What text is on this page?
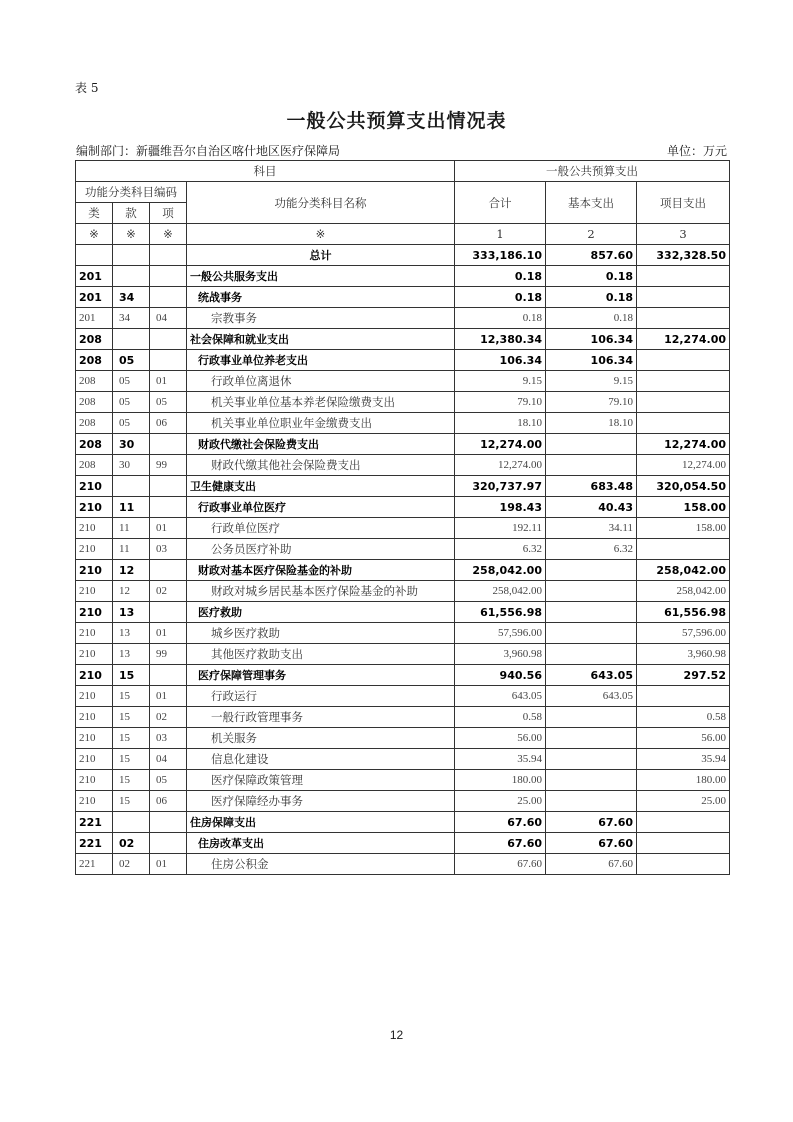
表 5
一般公共预算支出情况表
编制部门：新疆维吾尔自治区喀什地区医疗保障局	单位：万元
科目				一般公共预算支出		
功能分类科目编码			功能分类科目名称	合计	基本支出	项目支出
类	款	项				
※	※	※	※	1	2	3
			总计	333,186.10	857.60	332,328.50
201			一般公共服务支出	0.18	0.18	
201	34		统战事务	0.18	0.18	
201	34	04	宗教事务	0.18	0.18	
208			社会保障和就业支出	12,380.34	106.34	12,274.00
208	05		行政事业单位养老支出	106.34	106.34	
208	05	01	行政单位离退休	9.15	9.15	
208	05	05	机关事业单位基本养老保险缴费支出	79.10	79.10	
208	05	06	机关事业单位职业年金缴费支出	18.10	18.10	
208	30		财政代缴社会保险费支出	12,274.00		12,274.00
208	30	99	财政代缴其他社会保险费支出	12,274.00		12,274.00
210			卫生健康支出	320,737.97	683.48	320,054.50
210	11		行政事业单位医疗	198.43	40.43	158.00
210	11	01	行政单位医疗	192.11	34.11	158.00
210	11	03	公务员医疗补助	6.32	6.32	
210	12		财政对基本医疗保险基金的补助	258,042.00		258,042.00
210	12	02	财政对城乡居民基本医疗保险基金的补助	258,042.00		258,042.00
210	13		医疗救助	61,556.98		61,556.98
210	13	01	城乡医疗救助	57,596.00		57,596.00
210	13	99	其他医疗救助支出	3,960.98		3,960.98
210	15		医疗保障管理事务	940.56	643.05	297.52
210	15	01	行政运行	643.05	643.05	
210	15	02	一般行政管理事务	0.58		0.58
210	15	03	机关服务	56.00		56.00
210	15	04	信息化建设	35.94		35.94
210	15	05	医疗保障政策管理	180.00		180.00
210	15	06	医疗保障经办事务	25.00		25.00
221			住房保障支出	67.60	67.60	
221	02		住房改革支出	67.60	67.60	
221	02	01	住房公积金	67.60	67.60	
12
